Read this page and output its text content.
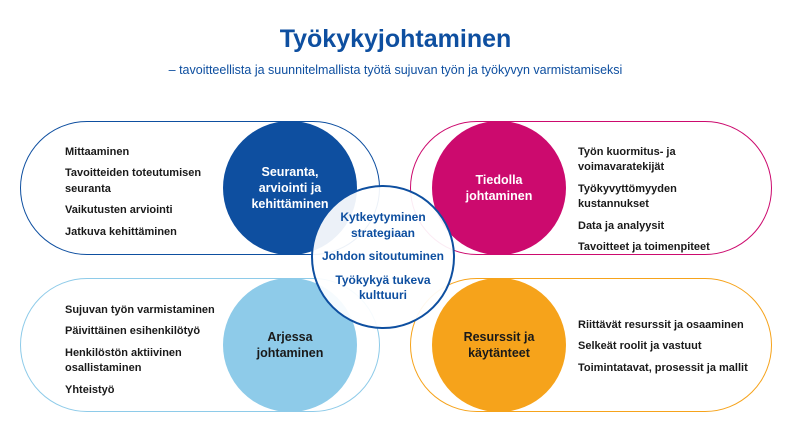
Työkykyjohtaminen
– tavoitteellista ja suunnitelmallista työtä sujuvan työn ja työkyvyn varmistamiseksi
Seuranta, arviointi ja kehittäminen
Tiedolla johtaminen
Arjessa johtaminen
Resurssit ja käytänteet
Mittaaminen
Tavoitteiden toteutumisen seuranta
Vaikutusten arviointi
Jatkuva kehittäminen
Työn kuormitus- ja voimavaratekijät
Työkyvyttömyyden kustannukset
Data ja analyysit
Tavoitteet ja toimenpiteet
Sujuvan työn varmistaminen
Päivittäinen esihenkilötyö
Henkilöstön aktiivinen osallistaminen
Yhteistyö
Riittävät resurssit ja osaaminen
Selkeät roolit ja vastuut
Toimintatavat, prosessit ja mallit
Kytkeytyminen strategiaan
Johdon sitoutuminen
Työkykyä tukeva kulttuuri
